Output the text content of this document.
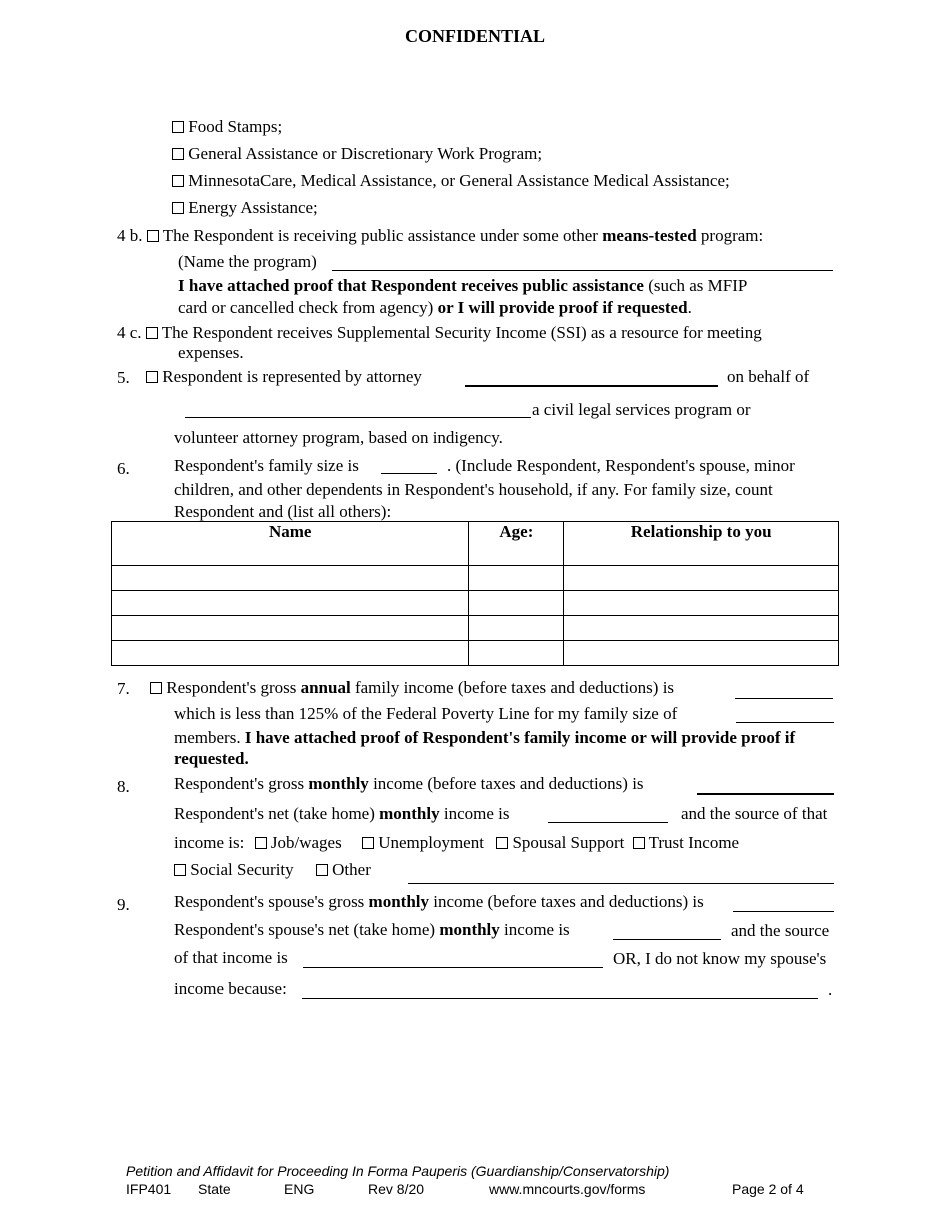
CONFIDENTIAL
Food Stamps;
General Assistance or Discretionary Work Program;
MinnesotaCare, Medical Assistance, or General Assistance Medical Assistance;
Energy Assistance;
4 b. The Respondent is receiving public assistance under some other means-tested program:
(Name the program)
I have attached proof that Respondent receives public assistance (such as MFIP
card or cancelled check from agency) or I will provide proof if requested.
4 c. The Respondent receives Supplemental Security Income (SSI) as a resource for meeting
expenses.
5.	Respondent is represented by attorney	on behalf of
a civil legal services program or
volunteer attorney program, based on indigency.
6.	Respondent's family size is	. (Include Respondent, Respondent's spouse, minor
children, and other dependents in Respondent's household, if any. For family size, count
Respondent and (list all others):
Name	Age:	Relationship to you

7.	Respondent's gross annual family income (before taxes and deductions) is
which is less than 125% of the Federal Poverty Line for my family size of
members. I have attached proof of Respondent's family income or will provide proof if
requested.
8.	Respondent's gross monthly income (before taxes and deductions) is
Respondent's net (take home) monthly income is	and the source of that
income is: Job/wages Unemployment Spousal Support Trust Income
Social Security Other
9.	Respondent's spouse's gross monthly income (before taxes and deductions) is
Respondent's spouse's net (take home) monthly income is	and the source
of that income is	OR, I do not know my spouse's
income because:	.
Petition and Affidavit for Proceeding In Forma Pauperis (Guardianship/Conservatorship)
IFP401 State	ENG	Rev 8/20	www.mncourts.gov/forms	Page 2 of 4
